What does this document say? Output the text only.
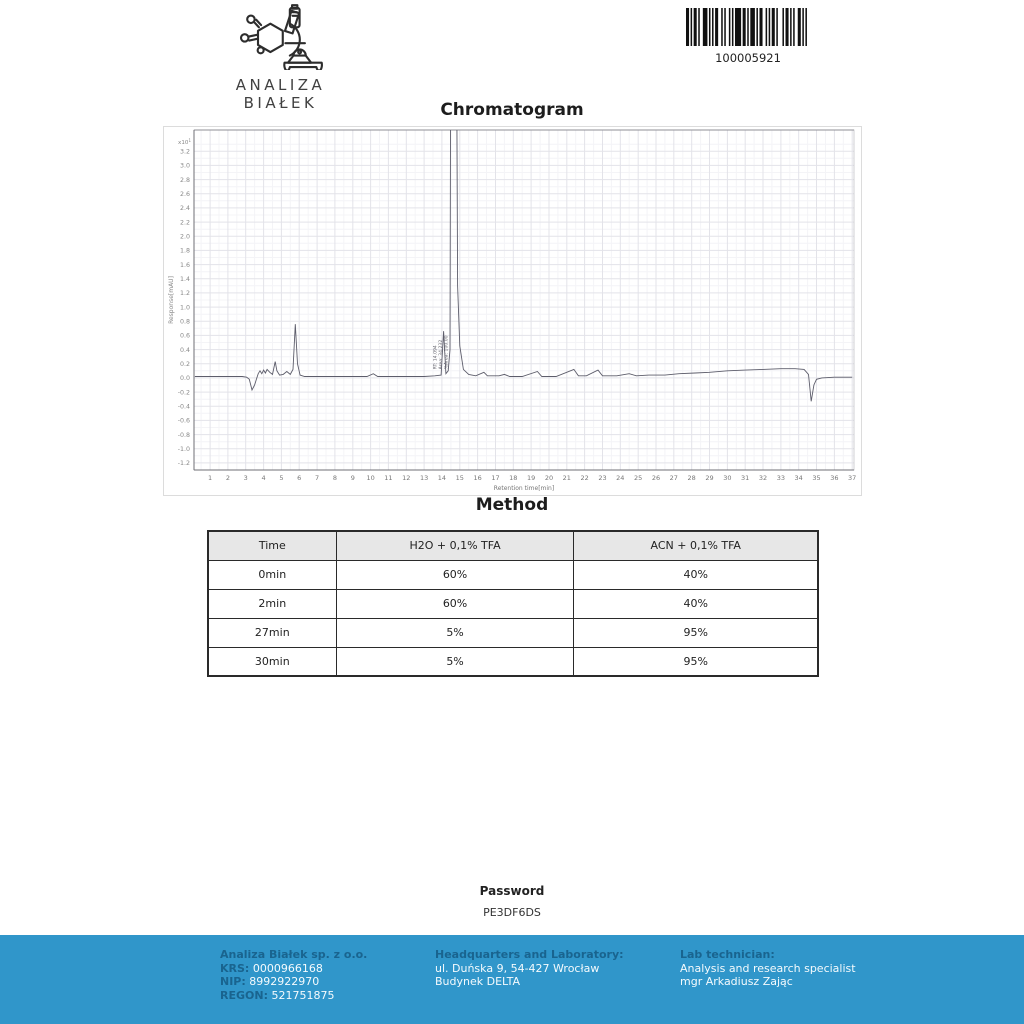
ANALIZA BIAŁEK
100005921
Chromatogram
1 2 3 4 5 6 7 8 9 10 11 12 13 14 15 16 17 18 19 20 21 22 23 24 25 26 27 28 29 30 31 32 33 34 35 36 37
-1.2
-1.0
-0.8
-0.6
-0.4
-0.2
0.0
0.2
0.4
0.6
0.8
1.0
1.2
1.4
1.6
1.8
2.0
2.2
2.4
2.6
2.8
3.0
3.2
$x10^1$
Response[mAU]
Retention time[min]
RT: 14.094 Area: 34.232 %Area: 100.00
Method
Time	H2O + 0,1% TFA	ACN + 0,1% TFA
0min	60%	40%
2min	60%	40%
27min	5%	95%
30min	5%	95%
Password
PE3DF6DS
Analiza Białek sp. z o.o.
KRS: 0000966168
NIP: 8992922970
REGON: 521751875
Headquarters and Laboratory:
ul. Duńska 9, 54-427 Wrocław
Budynek DELTA
Lab technician:
Analysis and research specialist
mgr Arkadiusz Zając
